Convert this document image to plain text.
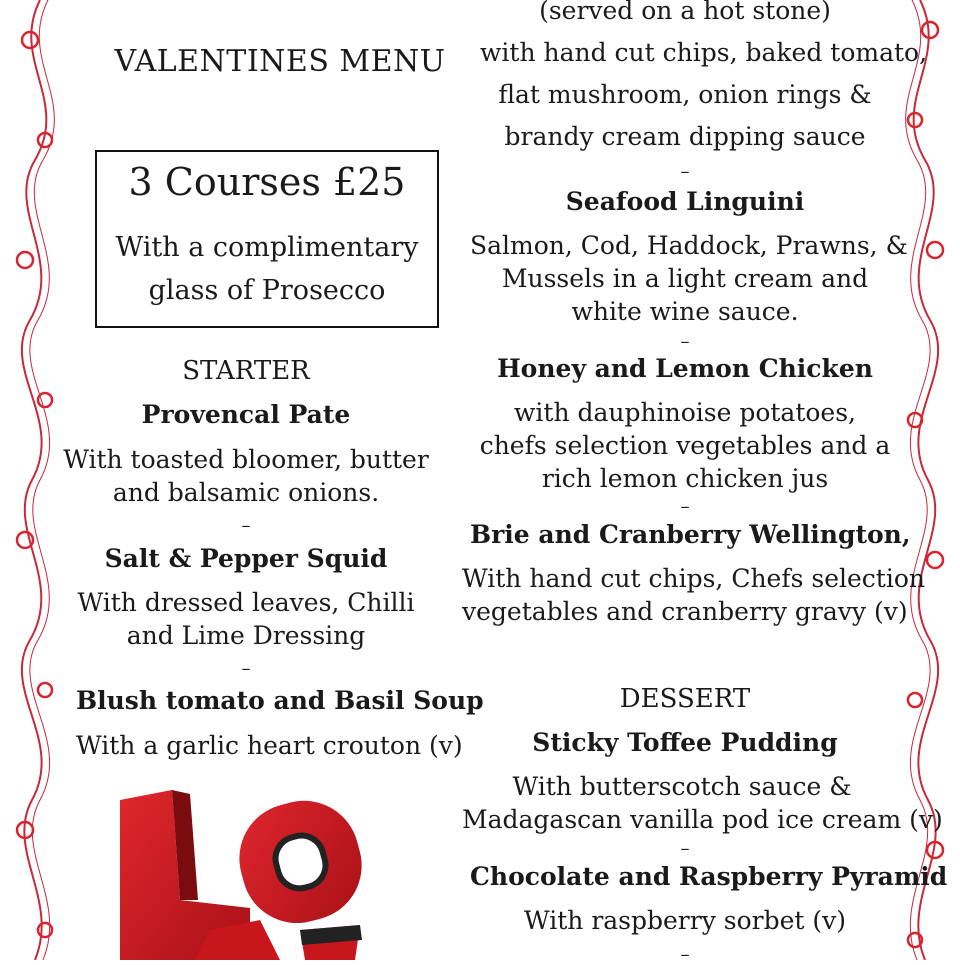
VALENTINES MENU
3 Courses £25
With a complimentary
glass of Prosecco
STARTER
Provencal Pate
With toasted bloomer, butter
and balsamic onions.
–
Salt & Pepper Squid
With dressed leaves, Chilli
and Lime Dressing
–
Blush tomato and Basil Soup
With a garlic heart crouton (v)
(served on a hot stone)
with hand cut chips, baked tomato,
flat mushroom, onion rings &
brandy cream dipping sauce
–
Seafood Linguini
Salmon, Cod, Haddock, Prawns, &
Mussels in a light cream and
white wine sauce.
–
Honey and Lemon Chicken
with dauphinoise potatoes,
chefs selection vegetables and a
rich lemon chicken jus
–
Brie and Cranberry Wellington,
With hand cut chips, Chefs selection
vegetables and cranberry gravy (v)
DESSERT
Sticky Toffee Pudding
With butterscotch sauce &
Madagascan vanilla pod ice cream (v)
–
Chocolate and Raspberry Pyramid
With raspberry sorbet (v)
–
